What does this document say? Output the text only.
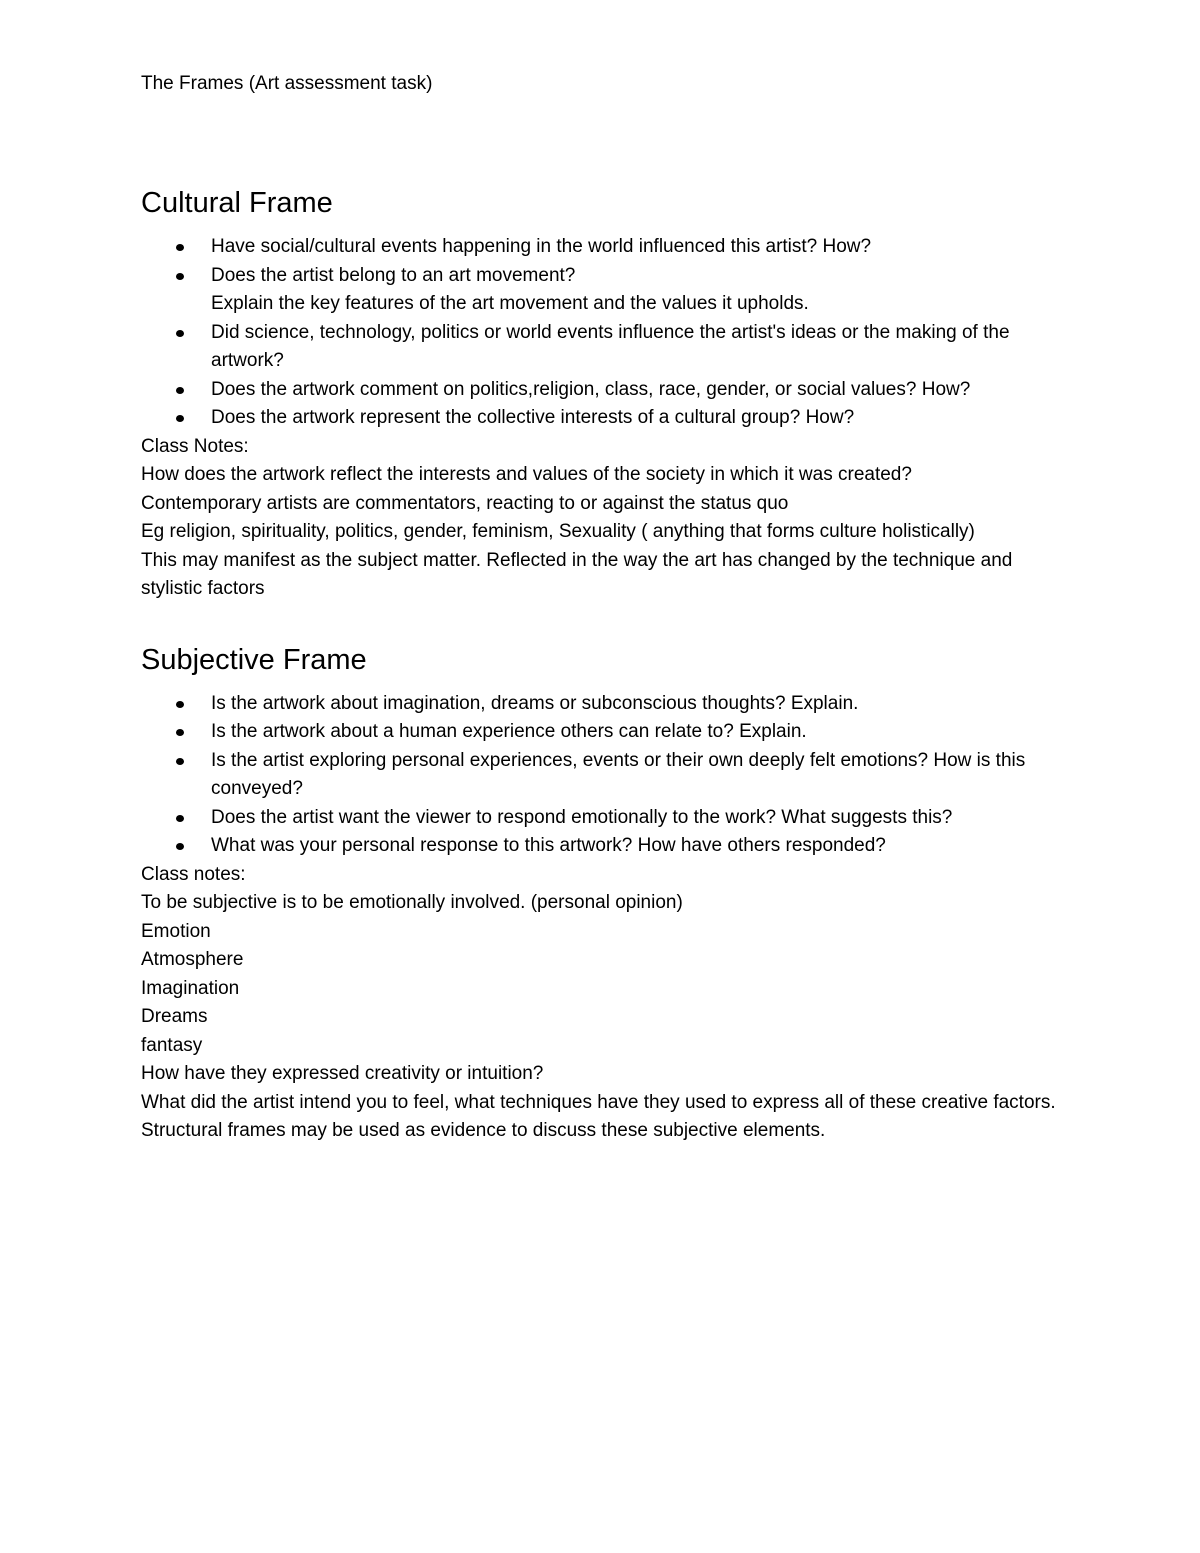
The Frames (Art assessment task)

Cultural Frame
Have social/cultural events happening in the world influenced this artist? How?
Does the artist belong to an art movement?
Explain the key features of the art movement and the values it upholds.
Did science, technology, politics or world events influence the artist's ideas or the making of the artwork?
Does the artwork comment on politics,religion, class, race, gender, or social values? How?
Does the artwork represent the collective interests of a cultural group? How?

Class Notes:

How does the artwork reflect the interests and values of the society in which it was created?

Contemporary artists are commentators, reacting to or against the status quo

Eg religion, spirituality, politics, gender, feminism, Sexuality ( anything that forms culture holistically)

This may manifest as the subject matter. Reflected in the way the art has changed by the technique and stylistic factors

Subjective Frame
Is the artwork about imagination, dreams or subconscious thoughts? Explain.
Is the artwork about a human experience others can relate to? Explain.
Is the artist exploring personal experiences, events or their own deeply felt emotions? How is this conveyed?
Does the artist want the viewer to respond emotionally to the work? What suggests this?
What was your personal response to this artwork? How have others responded?

Class notes:

To be subjective is to be emotionally involved. (personal opinion)

Emotion

Atmosphere

Imagination

Dreams

fantasy

How have they expressed creativity or intuition?

What did the artist intend you to feel, what techniques have they used to express all of these creative factors.

Structural frames may be used as evidence to discuss these subjective elements.
